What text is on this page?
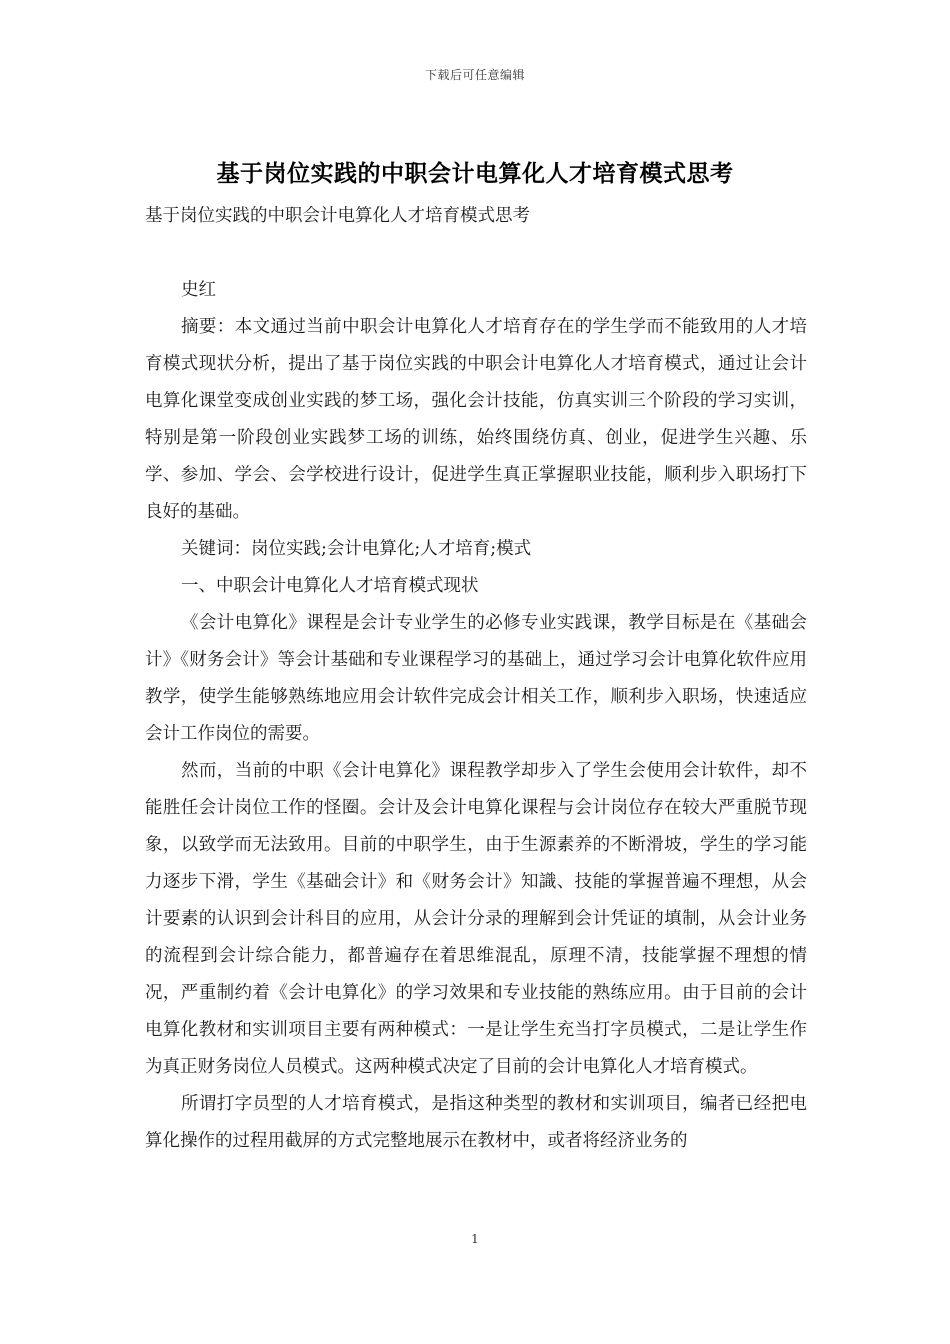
下载后可任意编辑
基于岗位实践的中职会计电算化人才培育模式思考

基于岗位实践的中职会计电算化人才培育模式思考

史红

摘要：本文通过当前中职会计电算化人才培育存在的学生学而不能致用的人才培育模式现状分析，提出了基于岗位实践的中职会计电算化人才培育模式，通过让会计电算化课堂变成创业实践的梦工场，强化会计技能，仿真实训三个阶段的学习实训，特别是第一阶段创业实践梦工场的训练，始终围绕仿真、创业，促进学生兴趣、乐学、参加、学会、会学校进行设计，促进学生真正掌握职业技能，顺利步入职场打下良好的基础。

关键词：岗位实践;会计电算化;人才培育;模式

一、中职会计电算化人才培育模式现状

《会计电算化》课程是会计专业学生的必修专业实践课，教学目标是在《基础会计》《财务会计》等会计基础和专业课程学习的基础上，通过学习会计电算化软件应用教学，使学生能够熟练地应用会计软件完成会计相关工作，顺利步入职场，快速适应会计工作岗位的需要。

然而，当前的中职《会计电算化》课程教学却步入了学生会使用会计软件，却不能胜任会计岗位工作的怪圈。会计及会计电算化课程与会计岗位存在较大严重脱节现象，以致学而无法致用。目前的中职学生，由于生源素养的不断滑坡，学生的学习能力逐步下滑，学生《基础会计》和《财务会计》知識、技能的掌握普遍不理想，从会计要素的认识到会计科目的应用，从会计分录的理解到会计凭证的填制，从会计业务的流程到会计综合能力，都普遍存在着思维混乱，原理不清，技能掌握不理想的情况，严重制约着《会计电算化》的学习效果和专业技能的熟练应用。由于目前的会计电算化教材和实训项目主要有两种模式：一是让学生充当打字员模式，二是让学生作为真正财务岗位人员模式。这两种模式决定了目前的会计电算化人才培育模式。

所谓打字员型的人才培育模式，是指这种类型的教材和实训项目，编者已经把电算化操作的过程用截屏的方式完整地展示在教材中，或者将经济业务的

1
